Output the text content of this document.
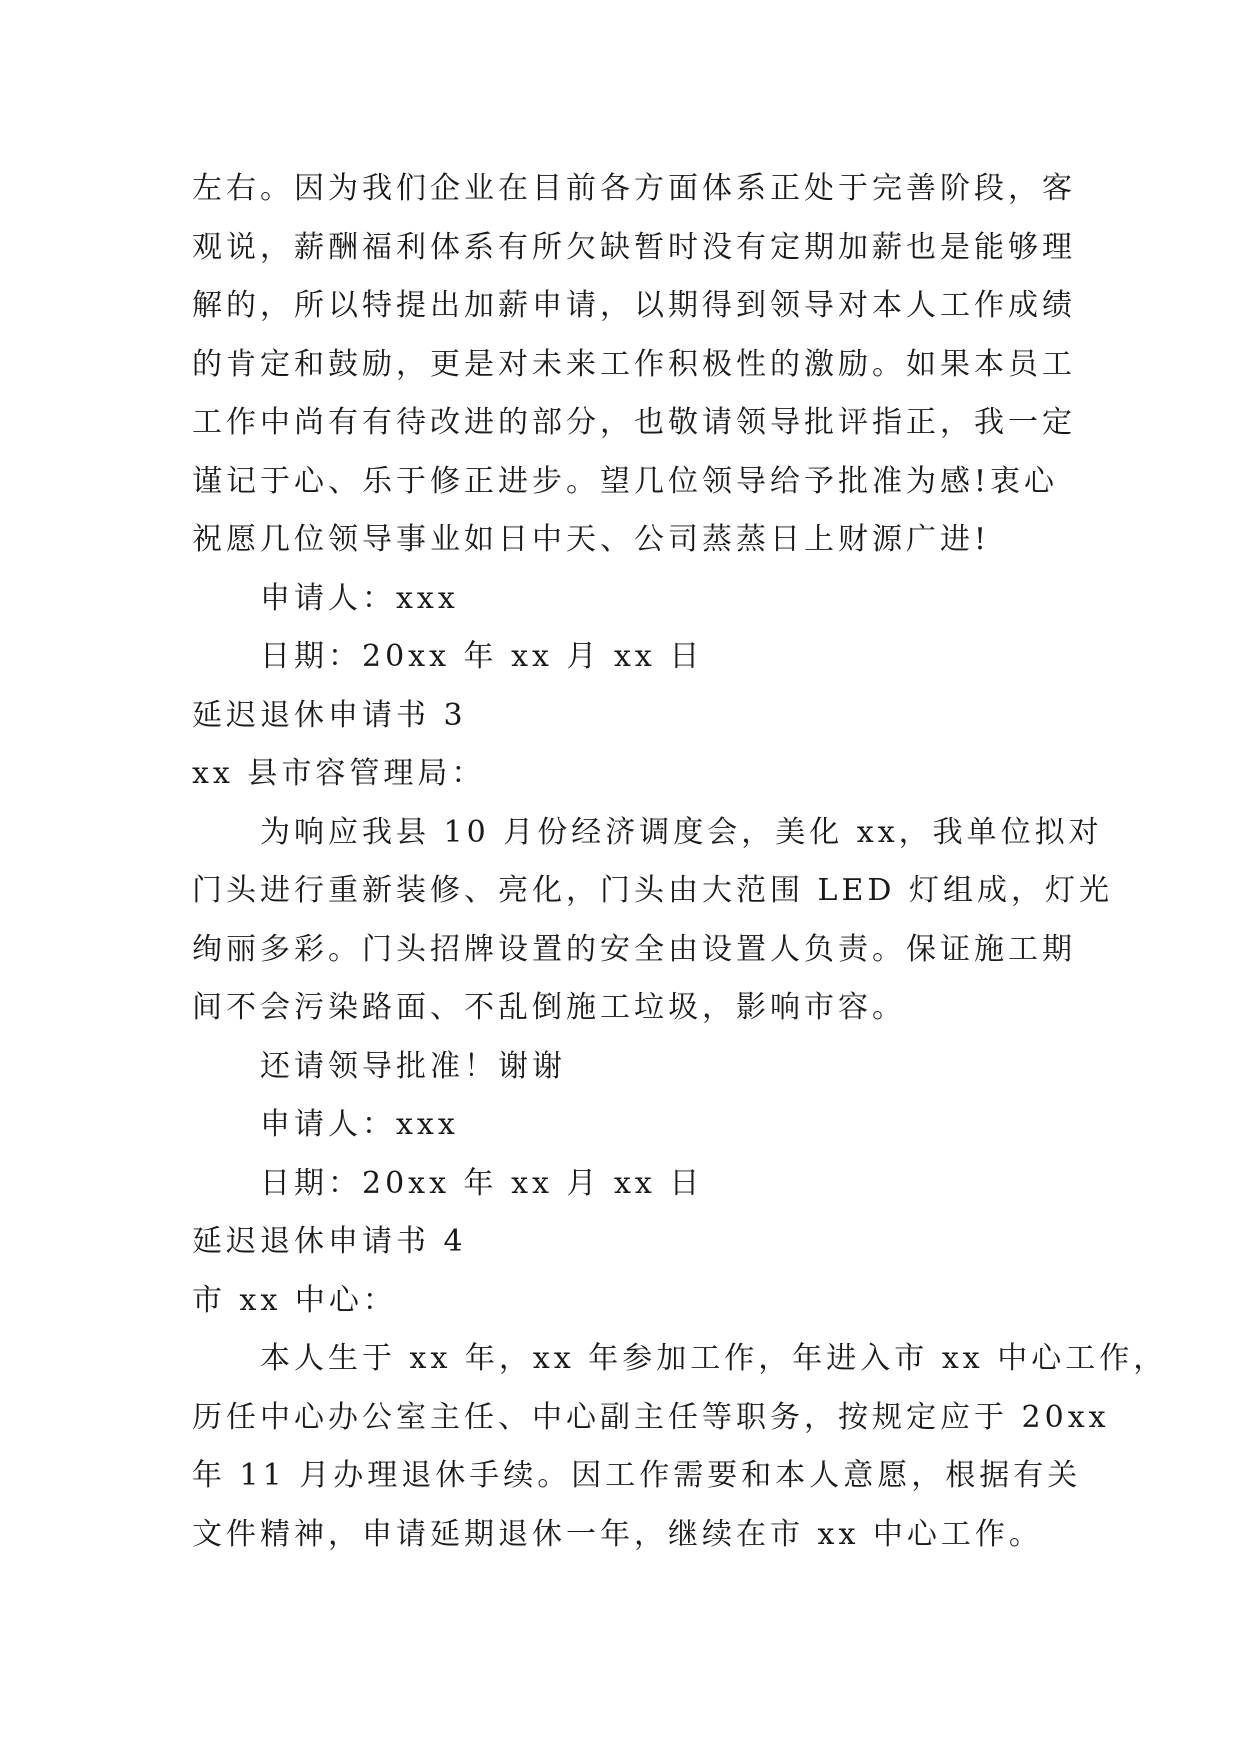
左右。因为我们企业在目前各方面体系正处于完善阶段，客

观说，薪酬福利体系有所欠缺暂时没有定期加薪也是能够理

解的，所以特提出加薪申请，以期得到领导对本人工作成绩

的肯定和鼓励，更是对未来工作积极性的激励。如果本员工

工作中尚有有待改进的部分，也敬请领导批评指正，我一定

谨记于心、乐于修正进步。望几位领导给予批准为感!衷心

祝愿几位领导事业如日中天、公司蒸蒸日上财源广进!

申请人：xxx

日期：20xx 年 xx 月 xx 日

延迟退休申请书 3

xx 县市容管理局：

为响应我县 10 月份经济调度会，美化 xx，我单位拟对

门头进行重新装修、亮化，门头由大范围 LED 灯组成，灯光

绚丽多彩。门头招牌设置的安全由设置人负责。保证施工期

间不会污染路面、不乱倒施工垃圾，影响市容。

还请领导批准！谢谢

申请人：xxx

日期：20xx 年 xx 月 xx 日

延迟退休申请书 4

市 xx 中心：

本人生于 xx 年，xx 年参加工作，年进入市 xx 中心工作，

历任中心办公室主任、中心副主任等职务，按规定应于 20xx

年 11 月办理退休手续。因工作需要和本人意愿，根据有关

文件精神，申请延期退休一年，继续在市 xx 中心工作。
